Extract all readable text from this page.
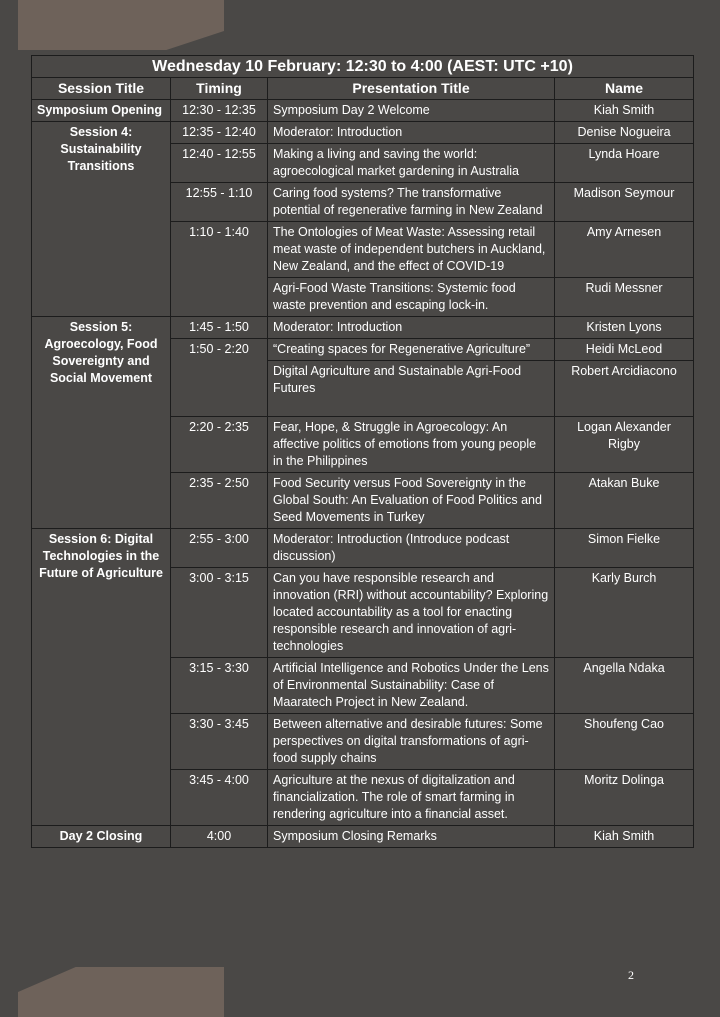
Wednesday 10 February: 12:30 to 4:00 (AEST: UTC +10)			
Session Title	Timing	Presentation Title	Name
Symposium Opening	12:30 - 12:35	Symposium Day 2 Welcome	Kiah Smith
Session 4: Sustainability Transitions	12:35 - 12:40	Moderator: Introduction	Denise Nogueira
	12:40 - 12:55	Making a living and saving the world: agroecological market gardening in Australia	Lynda Hoare
	12:55 - 1:10	Caring food systems? The transformative potential of regenerative farming in New Zealand	Madison Seymour
	1:10 - 1:40	The Ontologies of Meat Waste: Assessing retail meat waste of independent butchers in Auckland, New Zealand, and the effect of COVID-19	Amy Arnesen
		Agri-Food Waste Transitions: Systemic food waste prevention and escaping lock-in.	Rudi Messner
Session 5: Agroecology, Food Sovereignty and Social Movement	1:45 - 1:50	Moderator: Introduction	Kristen Lyons
	1:50 - 2:20	“Creating spaces for Regenerative Agriculture”	Heidi McLeod
		Digital Agriculture and Sustainable Agri-Food Futures	Robert Arcidiacono
	2:20 - 2:35	Fear, Hope, & Struggle in Agroecology: An affective politics of emotions from young people in the Philippines	Logan Alexander Rigby
	2:35 - 2:50	Food Security versus Food Sovereignty in the Global South: An Evaluation of Food Politics and Seed Movements in Turkey	Atakan Buke
Session 6: Digital Technologies in the Future of Agriculture	2:55 - 3:00	Moderator: Introduction (Introduce podcast discussion)	Simon Fielke
	3:00 - 3:15	Can you have responsible research and innovation (RRI) without accountability? Exploring located accountability as a tool for enacting responsible research and innovation of agri-technologies	Karly Burch
	3:15 - 3:30	Artificial Intelligence and Robotics Under the Lens of Environmental Sustainability: Case of Maaratech Project in New Zealand.	Angella Ndaka
	3:30 - 3:45	Between alternative and desirable futures: Some perspectives on digital transformations of agri-food supply chains	Shoufeng Cao
	3:45 - 4:00	Agriculture at the nexus of digitalization and financialization. The role of smart farming in rendering agriculture into a financial asset.	Moritz Dolinga
Day 2 Closing	4:00	Symposium Closing Remarks	Kiah Smith
2
